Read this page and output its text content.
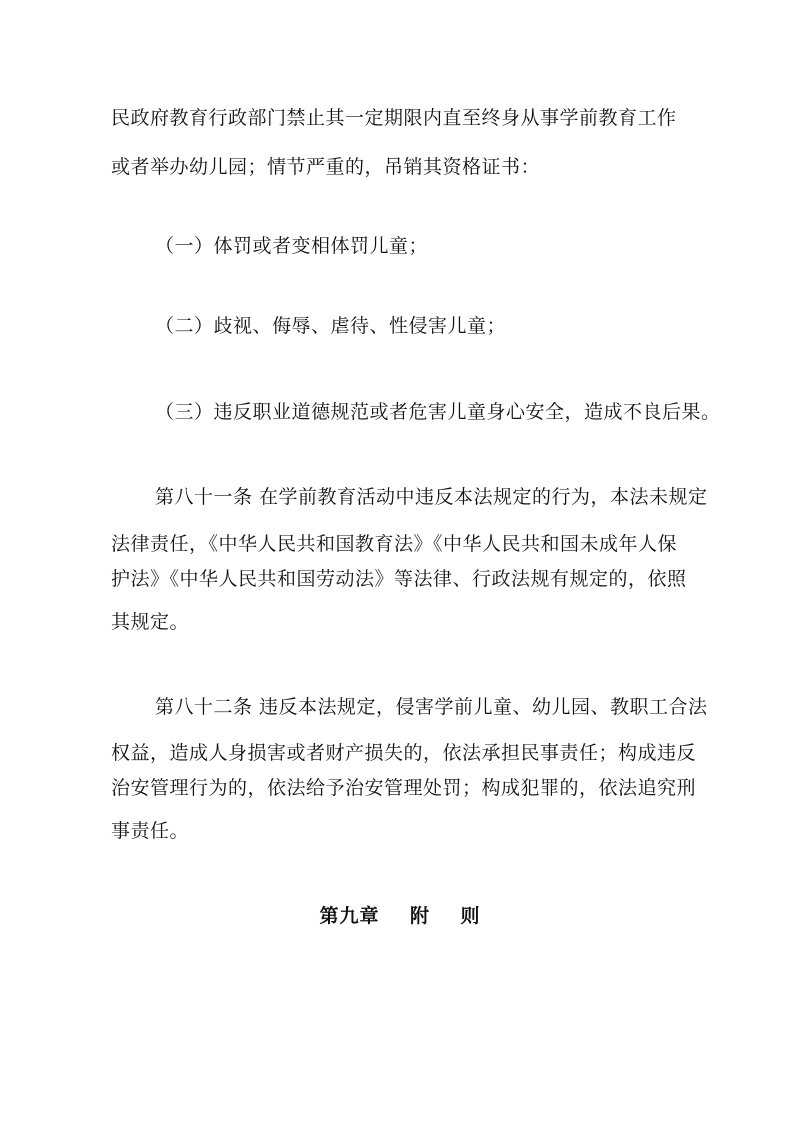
民政府教育行政部门禁止其一定期限内直至终身从事学前教育工作
或者举办幼儿园；情节严重的，吊销其资格证书：
（一）体罚或者变相体罚儿童；
（二）歧视、侮辱、虐待、性侵害儿童；
（三）违反职业道德规范或者危害儿童身心安全，造成不良后果。
第八十一条 在学前教育活动中违反本法规定的行为，本法未规定
法律责任，《中华人民共和国教育法》《中华人民共和国未成年人保
护法》《中华人民共和国劳动法》等法律、行政法规有规定的，依照
其规定。
第八十二条 违反本法规定，侵害学前儿童、幼儿园、教职工合法
权益，造成人身损害或者财产损失的，依法承担民事责任；构成违反
治安管理行为的，依法给予治安管理处罚；构成犯罪的，依法追究刑
事责任。
第九章    附    则
